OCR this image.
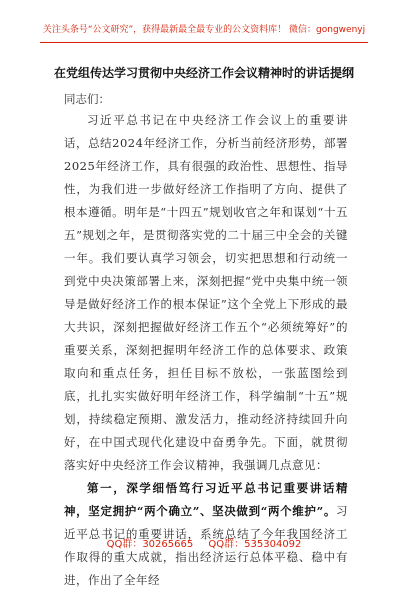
关注头条号“公文研究”，获得最新最全最专业的公文资料库！ 微信：gongwenyj
在党组传达学习贯彻中央经济工作会议精神时的讲话提纲
同志们：

习近平总书记在中央经济工作会议上的重要讲话，总结2024年经济工作，分析当前经济形势，部署2025年经济工作，具有很强的政治性、思想性、指导性，为我们进一步做好经济工作指明了方向、提供了根本遵循。明年是“十四五”规划收官之年和谋划“十五五”规划之年，是贯彻落实党的二十届三中全会的关键一年。我们要认真学习领会，切实把思想和行动统一到党中央决策部署上来，深刻把握“党中央集中统一领导是做好经济工作的根本保证”这个全党上下形成的最大共识，深刻把握做好经济工作五个“必须统筹好”的重要关系，深刻把握明年经济工作的总体要求、政策取向和重点任务，担任目标不放松，一张蓝图绘到底，扎扎实实做好明年经济工作，科学编制“十五”规划，持续稳定预期、激发活力，推动经济持续回升向好，在中国式现代化建设中奋勇争先。下面，就贯彻落实好中央经济工作会议精神，我强调几点意见：

第一，深学细悟笃行习近平总书记重要讲话精神，坚定拥护“两个确立”、坚决做到“两个维护”。习近平总书记的重要讲话，系统总结了今年我国经济工作取得的重大成就，指出经济运行总体平稳、稳中有进，作出了全年经

QQ群：30265665 QQ群：535304092
